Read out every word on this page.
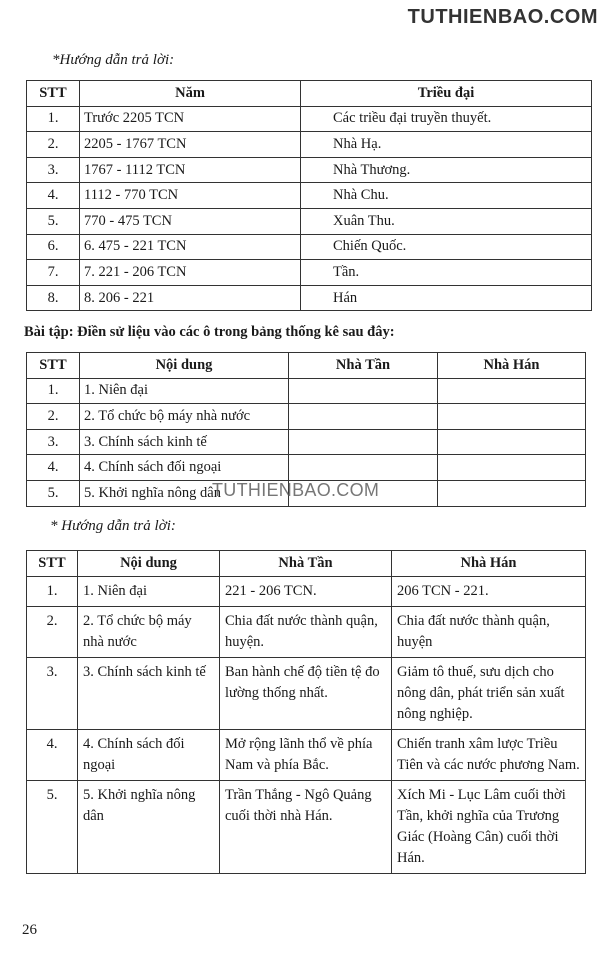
TUTHIENBAO.COM
*Hướng dẫn trả lời:
STT	Năm	Triều đại
1.	Trước 2205 TCN	Các triều đại truyền thuyết.
2.	2205 - 1767 TCN	Nhà Hạ.
3.	1767 - 1112 TCN	Nhà Thương.
4.	1112 - 770 TCN	Nhà Chu.
5.	770 - 475 TCN	Xuân Thu.
6.	6. 475 - 221 TCN	Chiến Quốc.
7.	7. 221 - 206 TCN	Tần.
8.	8. 206 - 221	Hán
Bài tập: Điền sử liệu vào các ô trong bảng thống kê sau đây:
STT	Nội dung	Nhà Tần	Nhà Hán
1.	1. Niên đại		
2.	2. Tổ chức bộ máy nhà nước		
3.	3. Chính sách kinh tế		
4.	4. Chính sách đối ngoại		
5.	5. Khởi nghĩa nông dân		
TUTHIENBAO.COM
* Hướng dẫn trả lời:
STT	Nội dung	Nhà Tần	Nhà Hán
1.	1. Niên đại	221 - 206 TCN.	206 TCN - 221.
2.	2. Tổ chức bộ máy nhà nước	Chia đất nước thành quận, huyện.	Chia đất nước thành quận, huyện
3.	3. Chính sách kinh tế	Ban hành chế độ tiền tệ đo lường thống nhất.	Giảm tô thuế, sưu dịch cho nông dân, phát triển sản xuất nông nghiệp.
4.	4. Chính sách đối ngoại	Mở rộng lãnh thổ về phía Nam và phía Bắc.	Chiến tranh xâm lược Triều Tiên và các nước phương Nam.
5.	5. Khởi nghĩa nông dân	Trần Thắng - Ngô Quảng cuối thời nhà Hán.	Xích Mi - Lục Lâm cuối thời Tần, khởi nghĩa của Trương Giác (Hoàng Cân) cuối thời Hán.
26
